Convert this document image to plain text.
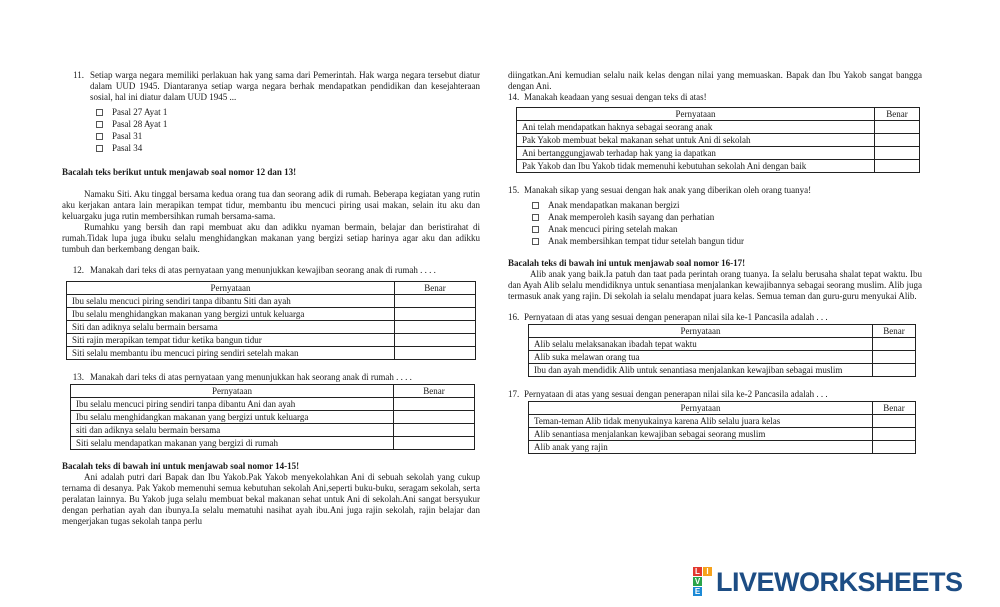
11. Setiap warga negara memiliki perlakuan hak yang sama dari Pemerintah. Hak warga negara tersebut diatur dalam UUD 1945. Diantaranya setiap warga negara berhak mendapatkan pendidikan dan kesejahteraan sosial, hal ini diatur dalam UUD 1945 ...

Pasal 27 Ayat 1
Pasal 28 Ayat 1
Pasal 31
Pasal 34
Bacalah teks berikut untuk menjawab soal nomor 12 dan 13!

Namaku Siti. Aku tinggal bersama kedua orang tua dan seorang adik di rumah. Beberapa kegiatan yang rutin aku kerjakan antara lain merapikan tempat tidur, membantu ibu mencuci piring usai makan, selain itu aku dan keluargaku juga rutin membersihkan rumah bersama-sama.

Rumahku yang bersih dan rapi membuat aku dan adikku nyaman bermain, belajar dan beristirahat di rumah.Tidak lupa juga ibuku selalu menghidangkan makanan yang bergizi setiap harinya agar aku dan adikku tumbuh dan berkembang dengan baik.

12. Manakah dari teks di atas pernyataan yang menunjukkan kewajiban seorang anak di rumah . . . .

Pernyataan	Benar
Ibu selalu mencuci piring sendiri tanpa dibantu Siti dan ayah	
Ibu selalu menghidangkan makanan yang bergizi untuk keluarga	
Siti dan adiknya selalu bermain bersama	
Siti rajin merapikan tempat tidur ketika bangun tidur	
Siti selalu membantu ibu mencuci piring sendiri setelah makan	
13. Manakah dari teks di atas pernyataan yang menunjukkan hak seorang anak di rumah . . . .

Pernyataan	Benar
Ibu selalu mencuci piring sendiri tanpa dibantu Ani dan ayah	
Ibu selalu menghidangkan makanan yang bergizi untuk keluarga	
siti dan adiknya selalu bermain bersama	
Siti selalu mendapatkan makanan yang bergizi di rumah	
Bacalah teks di bawah ini untuk menjawab soal nomor 14-15!

Ani adalah putri dari Bapak dan Ibu Yakob.Pak Yakob menyekolahkan Ani di sebuah sekolah yang cukup ternama di desanya. Pak Yakob memenuhi semua kebutuhan sekolah Ani,seperti buku-buku, seragam sekolah, serta peralatan lainnya. Bu Yakob juga selalu membuat bekal makanan sehat untuk Ani di sekolah.Ani sangat bersyukur dengan perhatian ayah dan ibunya.Ia selalu mematuhi nasihat ayah ibu.Ani juga rajin sekolah, rajin belajar dan mengerjakan tugas sekolah tanpa perlu

diingatkan.Ani kemudian selalu naik kelas dengan nilai yang memuaskan. Bapak dan Ibu Yakob sangat bangga dengan Ani.

14. Manakah keadaan yang sesuai dengan teks di atas!

Pernyataan	Benar
Ani telah mendapatkan haknya sebagai seorang anak	
Pak Yakob membuat bekal makanan sehat untuk Ani di sekolah	
Ani bertanggungjawab terhadap hak yang ia dapatkan	
Pak Yakob dan Ibu Yakob tidak memenuhi kebutuhan sekolah Ani dengan baik	
15. Manakah sikap yang sesuai dengan hak anak yang diberikan oleh orang tuanya!

Anak mendapatkan makanan bergizi
Anak memperoleh kasih sayang dan perhatian
Anak mencuci piring setelah makan
Anak membersihkan tempat tidur setelah bangun tidur
Bacalah teks di bawah ini untuk menjawab soal nomor 16-17!

Alib anak yang baik.Ia patuh dan taat pada perintah orang tuanya. Ia selalu berusaha shalat tepat waktu. Ibu dan Ayah Alib selalu mendidiknya untuk senantiasa menjalankan kewajibannya sebagai seorang muslim. Alib juga termasuk anak yang rajin. Di sekolah ia selalu mendapat juara kelas. Semua teman dan guru-guru menyukai Alib.

16. Pernyataan di atas yang sesuai dengan penerapan nilai sila ke-1 Pancasila adalah . . .

Pernyataan	Benar
Alib selalu melaksanakan ibadah tepat waktu	
Alib suka melawan orang tua	
Ibu dan ayah mendidik Alib untuk senantiasa menjalankan kewajiban sebagai muslim	
17. Pernyataan di atas yang sesuai dengan penerapan nilai sila ke-2 Pancasila adalah . . .

Pernyataan	Benar
Teman-teman Alib tidak menyukainya karena Alib selalu juara kelas	
Alib senantiasa menjalankan kewajiban sebagai seorang muslim	
Alib anak yang rajin	
L I
V
E LIVEWORKSHEETS
